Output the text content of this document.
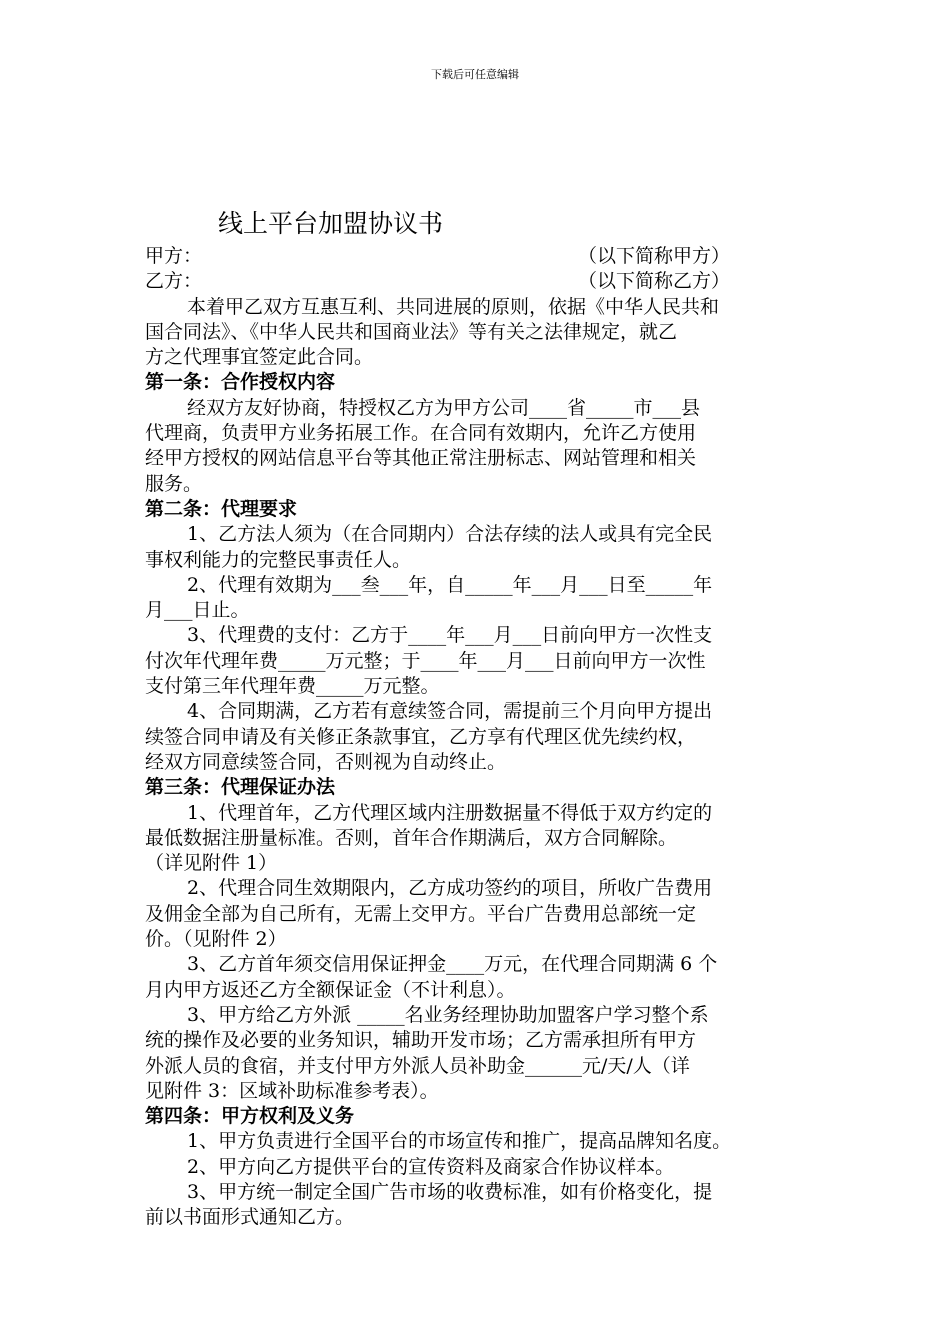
下载后可任意编辑
线上平台加盟协议书
甲方：	（以下简称甲方）
乙方：	（以下简称乙方）
本着甲乙双方互惠互利、共同进展的原则，依据《中华人民共和
国合同法》、《中华人民共和国商业法》等有关之法律规定，就乙
方之代理事宜签定此合同。
第一条：合作授权内容
经双方友好协商，特授权乙方为甲方公司____省_____市___县
代理商，负责甲方业务拓展工作。在合同有效期内，允许乙方使用
经甲方授权的网站信息平台等其他正常注册标志、网站管理和相关
服务。
第二条：代理要求
1、乙方法人须为（在合同期内）合法存续的法人或具有完全民
事权利能力的完整民事责任人。
2、代理有效期为___叁___年，自_____年___月___日至_____年
月___日止。
3、代理费的支付：乙方于____年___月___日前向甲方一次性支
付次年代理年费_____万元整；于____年___月___日前向甲方一次性
支付第三年代理年费_____万元整。
4、合同期满，乙方若有意续签合同，需提前三个月向甲方提出
续签合同申请及有关修正条款事宜，乙方享有代理区优先续约权，
经双方同意续签合同，否则视为自动终止。
第三条：代理保证办法
1、代理首年，乙方代理区域内注册数据量不得低于双方约定的
最低数据注册量标准。否则，首年合作期满后，双方合同解除。
（详见附件 1）
2、代理合同生效期限内，乙方成功签约的项目，所收广告费用
及佣金全部为自己所有，无需上交甲方。平台广告费用总部统一定
价。（见附件 2）
3、乙方首年须交信用保证押金____万元，在代理合同期满 6 个
月内甲方返还乙方全额保证金（不计利息）。
3、甲方给乙方外派 _____名业务经理协助加盟客户学习整个系
统的操作及必要的业务知识，辅助开发市场；乙方需承担所有甲方
外派人员的食宿，并支付甲方外派人员补助金______元/天/人（详
见附件 3：区域补助标准参考表）。
第四条：甲方权利及义务
1、甲方负责进行全国平台的市场宣传和推广，提高品牌知名度。
2、甲方向乙方提供平台的宣传资料及商家合作协议样本。
3、甲方统一制定全国广告市场的收费标准，如有价格变化，提
前以书面形式通知乙方。
